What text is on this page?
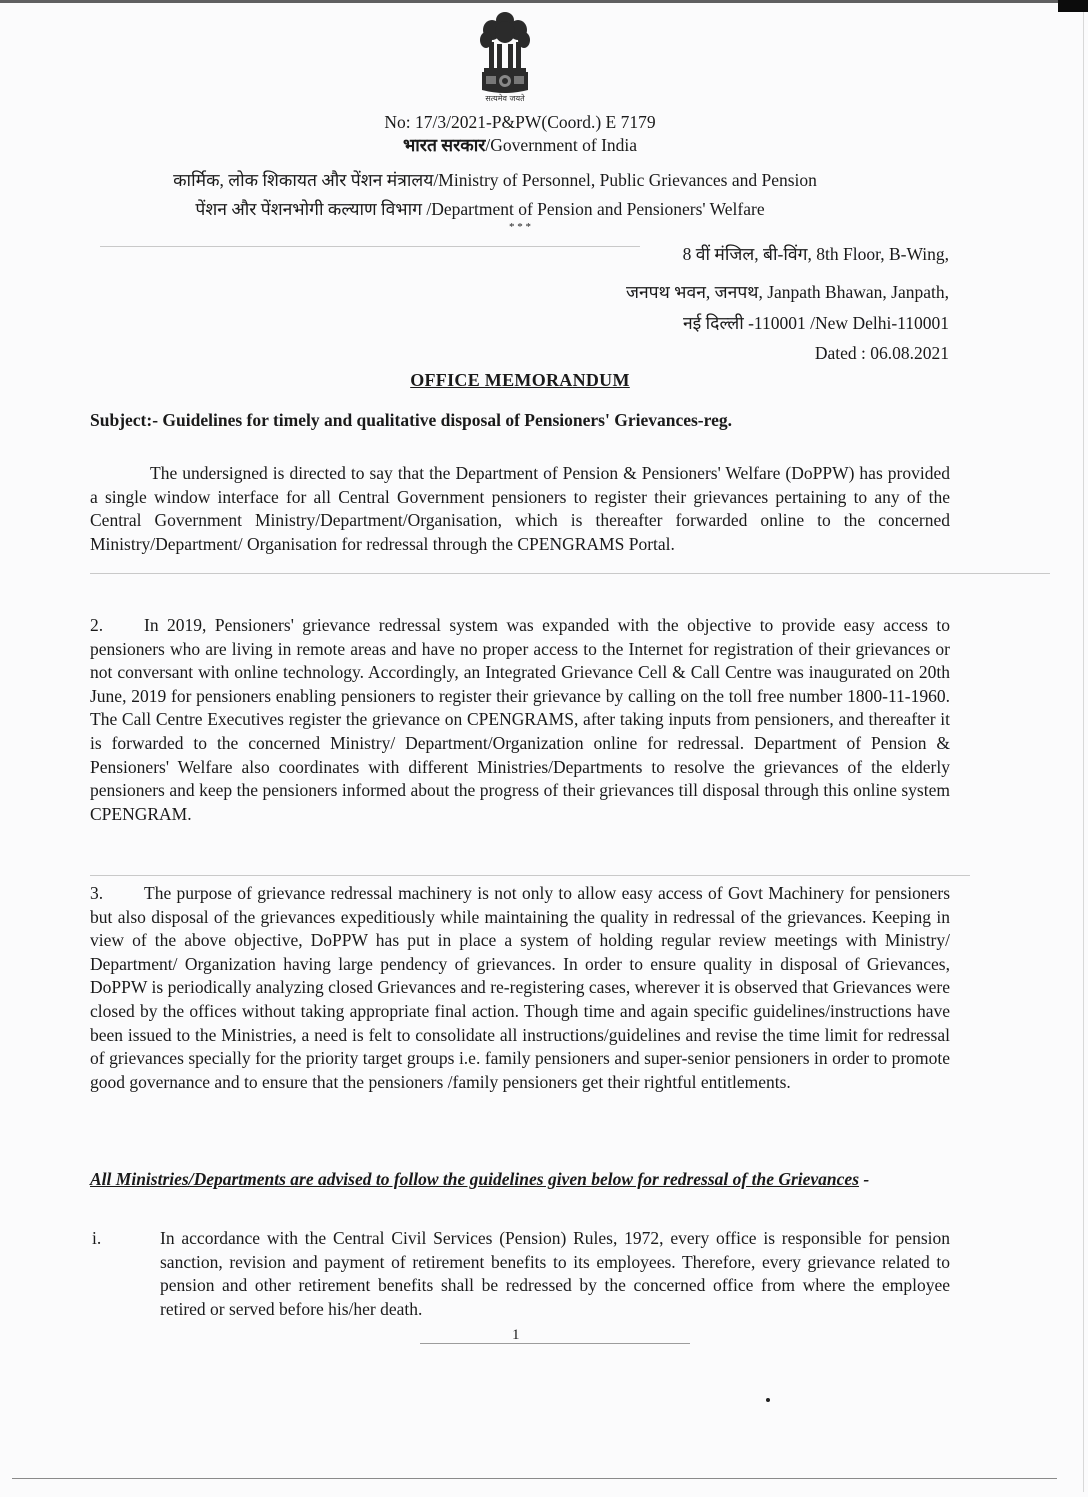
सत्यमेव जयते
No: 17/3/2021-P&PW(Coord.) E 7179
भारत सरकार/Government of India
कार्मिक, लोक शिकायत और पेंशन मंत्रालय/Ministry of Personnel, Public Grievances and Pension
पेंशन और पेंशनभोगी कल्याण विभाग /Department of Pension and Pensioners' Welfare
* * *
8 वीं मंजिल, बी-विंग, 8th Floor, B-Wing,
जनपथ भवन, जनपथ, Janpath Bhawan, Janpath,
नई दिल्ली -110001 /New Delhi-110001
Dated : 06.08.2021
OFFICE MEMORANDUM
Subject:- Guidelines for timely and qualitative disposal of Pensioners' Grievances-reg.
The undersigned is directed to say that the Department of Pension & Pensioners' Welfare (DoPPW) has provided a single window interface for all Central Government pensioners to register their grievances pertaining to any of the Central Government Ministry/Department/Organisation, which is thereafter forwarded online to the concerned Ministry/Department/ Organisation for redressal through the CPENGRAMS Portal.
2. In 2019, Pensioners' grievance redressal system was expanded with the objective to provide easy access to pensioners who are living in remote areas and have no proper access to the Internet for registration of their grievances or not conversant with online technology. Accordingly, an Integrated Grievance Cell & Call Centre was inaugurated on 20th June, 2019 for pensioners enabling pensioners to register their grievance by calling on the toll free number 1800-11-1960. The Call Centre Executives register the grievance on CPENGRAMS, after taking inputs from pensioners, and thereafter it is forwarded to the concerned Ministry/ Department/Organization online for redressal. Department of Pension & Pensioners' Welfare also coordinates with different Ministries/Departments to resolve the grievances of the elderly pensioners and keep the pensioners informed about the progress of their grievances till disposal through this online system CPENGRAM.
3. The purpose of grievance redressal machinery is not only to allow easy access of Govt Machinery for pensioners but also disposal of the grievances expeditiously while maintaining the quality in redressal of the grievances. Keeping in view of the above objective, DoPPW has put in place a system of holding regular review meetings with Ministry/ Department/ Organization having large pendency of grievances. In order to ensure quality in disposal of Grievances, DoPPW is periodically analyzing closed Grievances and re-registering cases, wherever it is observed that Grievances were closed by the offices without taking appropriate final action. Though time and again specific guidelines/instructions have been issued to the Ministries, a need is felt to consolidate all instructions/guidelines and revise the time limit for redressal of grievances specially for the priority target groups i.e. family pensioners and super-senior pensioners in order to promote good governance and to ensure that the pensioners /family pensioners get their rightful entitlements.
All Ministries/Departments are advised to follow the guidelines given below for redressal of the Grievances -
i.	In accordance with the Central Civil Services (Pension) Rules, 1972, every office is responsible for pension sanction, revision and payment of retirement benefits to its employees. Therefore, every grievance related to pension and other retirement benefits shall be redressed by the concerned office from where the employee retired or served before his/her death.
1
